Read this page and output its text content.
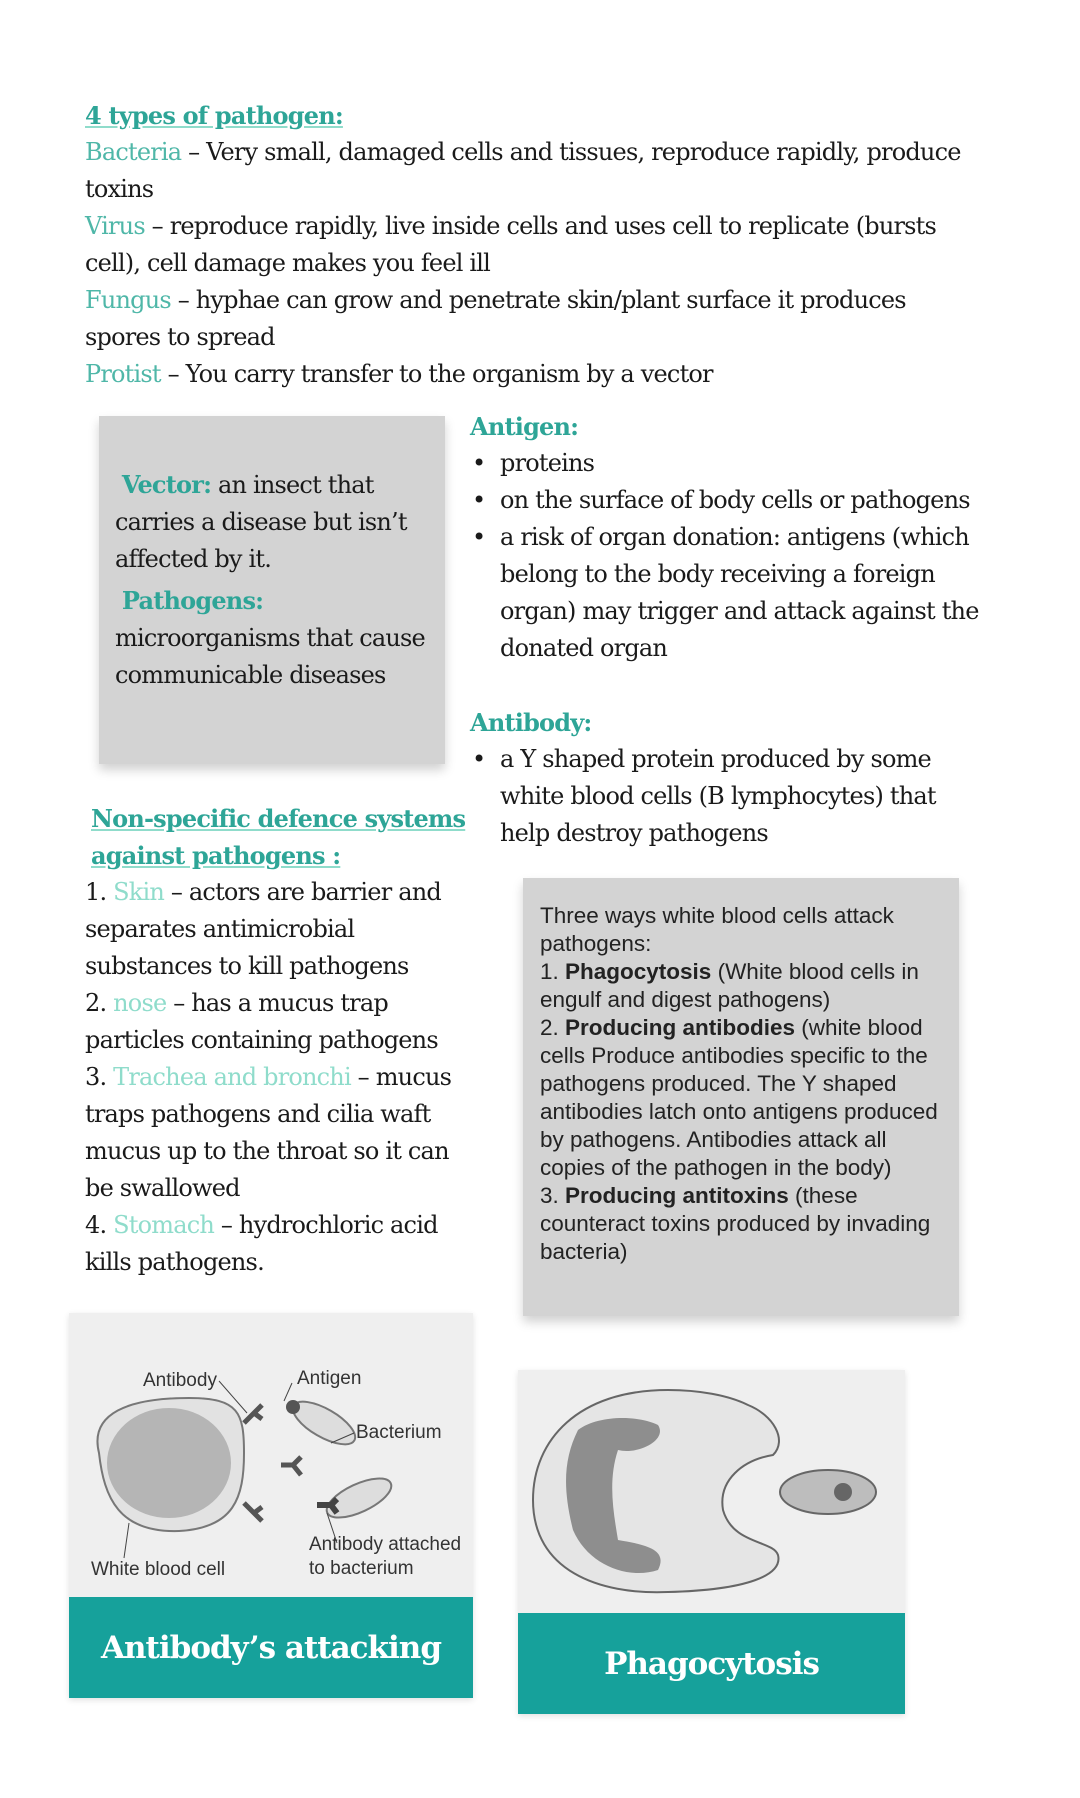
4 types of pathogen:
Bacteria – Very small, damaged cells and tissues, reproduce rapidly, produce toxins
Virus – reproduce rapidly, live inside cells and uses cell to replicate (bursts cell), cell damage makes you feel ill
Fungus – hyphae can grow and penetrate skin/plant surface it produces spores to spread
Protist – You carry transfer to the organism by a vector
Vector: an insect that carries a disease but isn’t affected by it.
Pathogens:
microorganisms that cause communicable diseases
Antigen:
• proteins
• on the surface of body cells or pathogens
• a risk of organ donation: antigens (which belong to the body receiving a foreign organ) may trigger and attack against the donated organ
Antibody:
• a Y shaped protein produced by some white blood cells (B lymphocytes) that help destroy pathogens
Non-specific defence systems against pathogens :
1. Skin – actors are barrier and separates antimicrobial substances to kill pathogens
2. nose – has a mucus trap particles containing pathogens
3. Trachea and bronchi – mucus traps pathogens and cilia waft mucus up to the throat so it can be swallowed
4. Stomach – hydrochloric acid kills pathogens.
Three ways white blood cells attack pathogens:
1. Phagocytosis (White blood cells in engulf and digest pathogens)
2. Producing antibodies (white blood cells Produce antibodies specific to the pathogens produced. The Y shaped antibodies latch onto antigens produced by pathogens. Antibodies attack all copies of the pathogen in the body)
3. Producing antitoxins (these counteract toxins produced by invading bacteria)
Antibody	Antigen
Bacterium
White blood cell
Antibody attached
to bacterium
Antibody’s attacking	Phagocytosis
